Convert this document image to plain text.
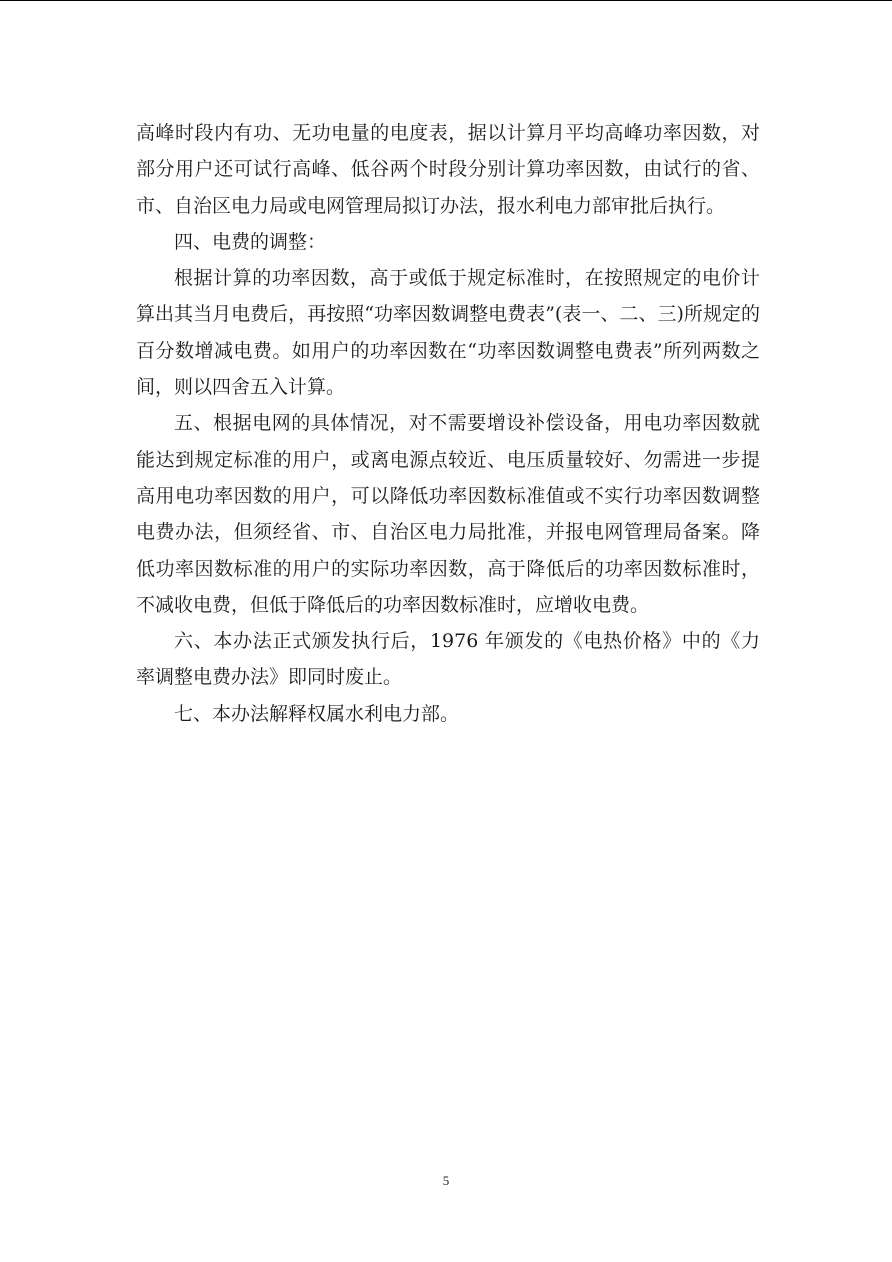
高峰时段内有功、无功电量的电度表，据以计算月平均高峰功率因数，对部分用户还可试行高峰、低谷两个时段分别计算功率因数，由试行的省、市、自治区电力局或电网管理局拟订办法，报水利电力部审批后执行。

四、电费的调整：

根据计算的功率因数，高于或低于规定标准时，在按照规定的电价计算出其当月电费后，再按照“功率因数调整电费表”(表一、二、三)所规定的百分数增减电费。如用户的功率因数在“功率因数调整电费表”所列两数之间，则以四舍五入计算。

五、根据电网的具体情况，对不需要增设补偿设备，用电功率因数就能达到规定标准的用户，或离电源点较近、电压质量较好、勿需进一步提高用电功率因数的用户，可以降低功率因数标准值或不实行功率因数调整电费办法，但须经省、市、自治区电力局批准，并报电网管理局备案。降低功率因数标准的用户的实际功率因数，高于降低后的功率因数标准时，不减收电费，但低于降低后的功率因数标准时，应增收电费。

六、本办法正式颁发执行后，1976 年颁发的《电热价格》中的《力率调整电费办法》即同时废止。

七、本办法解释权属水利电力部。

5
